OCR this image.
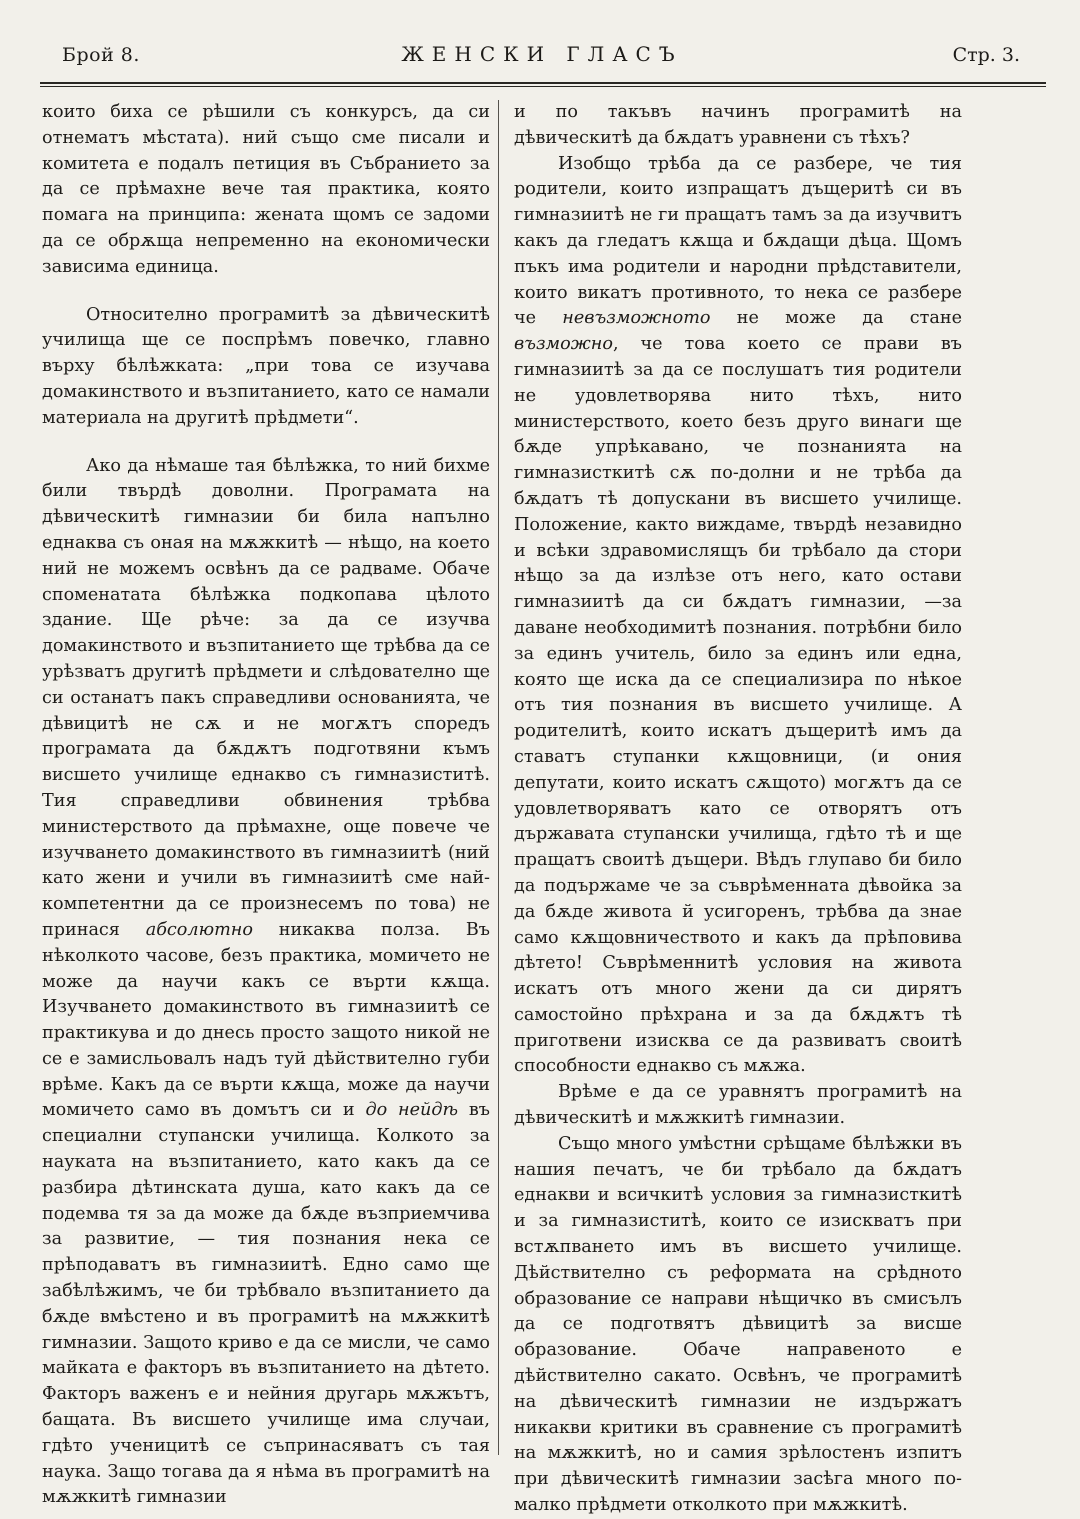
Брой 8.	ЖЕНСКИ ГЛАСЪ	Стр. 3.

които биха се рѣшили съ конкурсъ, да си отнематъ мѣстата). ний също сме писали и комитета е подалъ петиция въ Събранието за да се прѣмахне вече тая практика, която помага на принципа: жената щомъ се задоми да се обрѫща непременно на економически зависима единица.

Относително програмитѣ за дѣвическитѣ училища ще се поспрѣмъ повечко, главно върху бѣлѣжката: „при това се изучава домакинството и възпитанието, като се намали материала на другитѣ прѣдмети“.

Ако да нѣмаше тая бѣлѣжка, то ний бихме били твърдѣ доволни. Програмата на дѣвическитѣ гимназии би била напълно еднаква съ оная на мѫжкитѣ — нѣщо, на което ний не можемъ освѣнъ да се радваме. Обаче споменатата бѣлѣжка подкопава цѣлото здание. Ще рѣче: за да се изучва домакинството и възпитанието ще трѣбва да се урѣзватъ другитѣ прѣдмети и слѣдователно ще си останатъ пакъ справедливи основанията, че дѣвицитѣ не сѫ и не могѫтъ споредъ програмата да бѫдѫтъ подготвяни къмъ висшето училище еднакво съ гимназиститѣ. Тия справедливи обвинения трѣбва министерството да прѣмахне, още повече че изучването домакинството въ гимназиитѣ (ний като жени и учили въ гимназиитѣ сме най-компетентни да се произнесемъ по това) не принася абсолютно никаква полза. Въ нѣколкото часове, безъ практика, момичето не може да научи какъ се върти кѫща. Изучването домакинството въ гимназиитѣ се практикува и до днесь просто защото никой не се е замисльовалъ надъ туй дѣйствително губи врѣме. Какъ да се върти кѫща, може да научи момичето само въ домътъ си и до нейдѣ въ специални ступански училища. Колкото за науката на възпитанието, като какъ да се разбира дѣтинската душа, като какъ да се подемва тя за да може да бѫде възприемчива за развитие, — тия познания нека се прѣподаватъ въ гимназиитѣ. Едно само ще забѣлѣжимъ, че би трѣбвало възпитанието да бѫде вмѣстено и въ програмитѣ на мѫжкитѣ гимназии. Защото криво е да се мисли, че само майката е факторъ въ възпитанието на дѣтето. Факторъ важенъ е и нейния другарь мѫжътъ, бащата. Въ висшето училище има случаи, гдѣто ученицитѣ се съпринасяватъ съ тая наука. Защо тогава да я нѣма въ програмитѣ на мѫжкитѣ гимназии

и по такъвъ начинъ програмитѣ на дѣвическитѣ да бѫдатъ уравнени съ тѣхъ?

Изобщо трѣба да се разбере, че тия родители, които изпращатъ дъщеритѣ си въ гимназиитѣ не ги пращатъ тамъ за да изучвитъ какъ да гледатъ кѫща и бѫдащи дѣца. Щомъ пъкъ има родители и народни прѣдставители, които викатъ противното, то нека се разбере че невъзможното не може да стане възможно, че това което се прави въ гимназиитѣ за да се послушатъ тия родители не удовлетворява нито тѣхъ, нито министерството, което безъ друго винаги ще бѫде упрѣкавано, че познанията на гимназисткитѣ сѫ по-долни и не трѣба да бѫдатъ тѣ допускани въ висшето училище. Положение, както виждаме, твърдѣ незавидно и всѣки здравомислящъ би трѣбало да стори нѣщо за да излѣзе отъ него, като остави гимназиитѣ да си бѫдатъ гимназии, —за даване необходимитѣ познания. потрѣбни било за единъ учитель, било за единъ или една, която ще иска да се специализира по нѣкое отъ тия познания въ висшето училище. А родителитѣ, които искатъ дъщеритѣ имъ да ставатъ ступанки кѫщовници, (и ония депутати, които искатъ сѫщото) могѫтъ да се удовлетворяватъ като се отворятъ отъ държавата ступански училища, гдѣто тѣ и ще пращатъ своитѣ дъщери. Вѣдъ глупаво би било да подържаме че за съврѣменната дѣвойка за да бѫде живота й усигоренъ, трѣбва да знае само кѫщовничеството и какъ да прѣповива дѣтето! Съврѣменнитѣ условия на живота искатъ отъ много жени да си дирятъ самостойно прѣхрана и за да бѫдѫтъ тѣ приготвени изисква се да развиватъ своитѣ способности еднакво съ мѫжа.

Врѣме е да се уравнятъ програмитѣ на дѣвическитѣ и мѫжкитѣ гимназии.

Също много умѣстни срѣщаме бѣлѣжки въ нашия печатъ, че би трѣбало да бѫдатъ еднакви и всичкитѣ условия за гимназисткитѣ и за гимназиститѣ, които се изискватъ при встѫпването имъ въ висшето училище. Дѣйствително съ реформата на срѣдното образование се направи нѣщичко въ смисълъ да се подготвятъ дѣвицитѣ за висше образование. Обаче направеното е дѣйствително сакато. Освѣнъ, че програмитѣ на дѣвическитѣ гимназии не издържатъ никакви критики въ сравнение съ програмитѣ на мѫжкитѣ, но и самия зрѣлостенъ изпитъ при дѣвическитѣ гимназии засѣга много по-малко прѣдмети отколкото при мѫжкитѣ.
